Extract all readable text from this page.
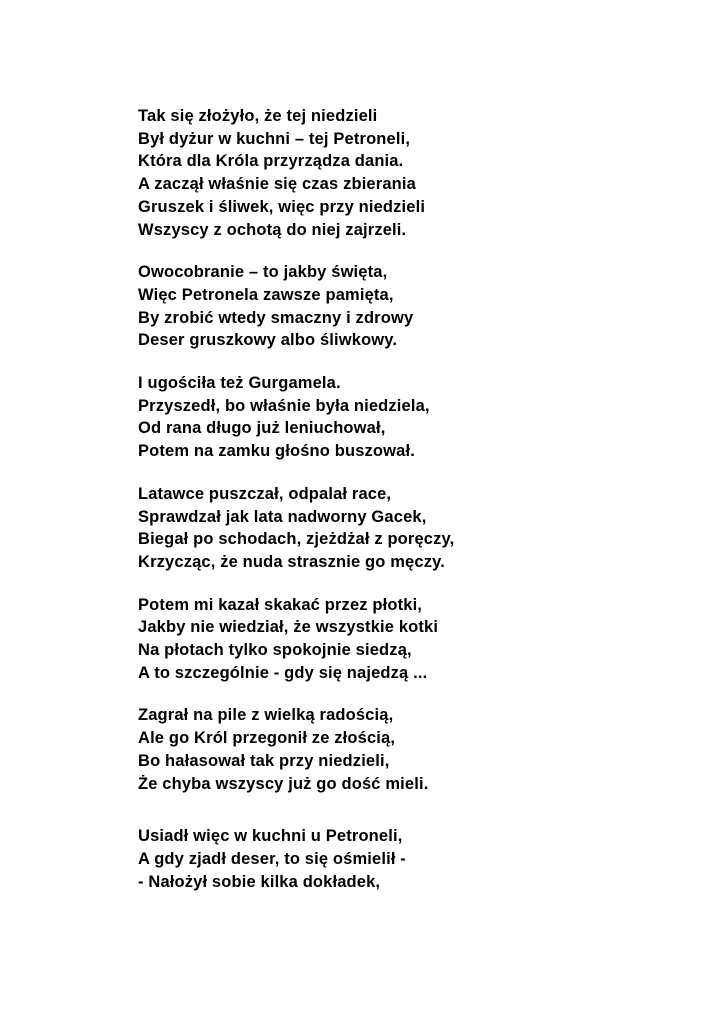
Tak się złożyło, że tej niedzieli
Był dyżur w kuchni – tej Petroneli,
Która dla Króla przyrządza dania.
A zaczął właśnie się czas zbierania
Gruszek i śliwek, więc przy niedzieli
Wszyscy z ochotą do niej zajrzeli.
Owocobranie – to jakby święta,
Więc Petronela zawsze pamięta,
By zrobić wtedy smaczny i zdrowy
Deser gruszkowy albo śliwkowy.
I ugościła też Gurgamela.
Przyszedł, bo właśnie była niedziela,
Od rana długo już leniuchował,
Potem na zamku głośno buszował.
Latawce puszczał, odpalał race,
Sprawdzał jak lata nadworny Gacek,
Biegał po schodach, zjeżdżał z poręczy,
Krzycząc, że nuda strasznie go męczy.
Potem mi kazał skakać przez płotki,
Jakby nie wiedział, że wszystkie kotki
Na płotach tylko spokojnie siedzą,
A to szczególnie - gdy się najedzą ...
Zagrał na pile z wielką radością,
Ale go Król przegonił ze złością,
Bo hałasował tak przy niedzieli,
Że chyba wszyscy już go dość mieli.
Usiadł więc w kuchni u Petroneli,
A gdy zjadł deser, to się ośmielił -
- Nałożył sobie kilka dokładek,
